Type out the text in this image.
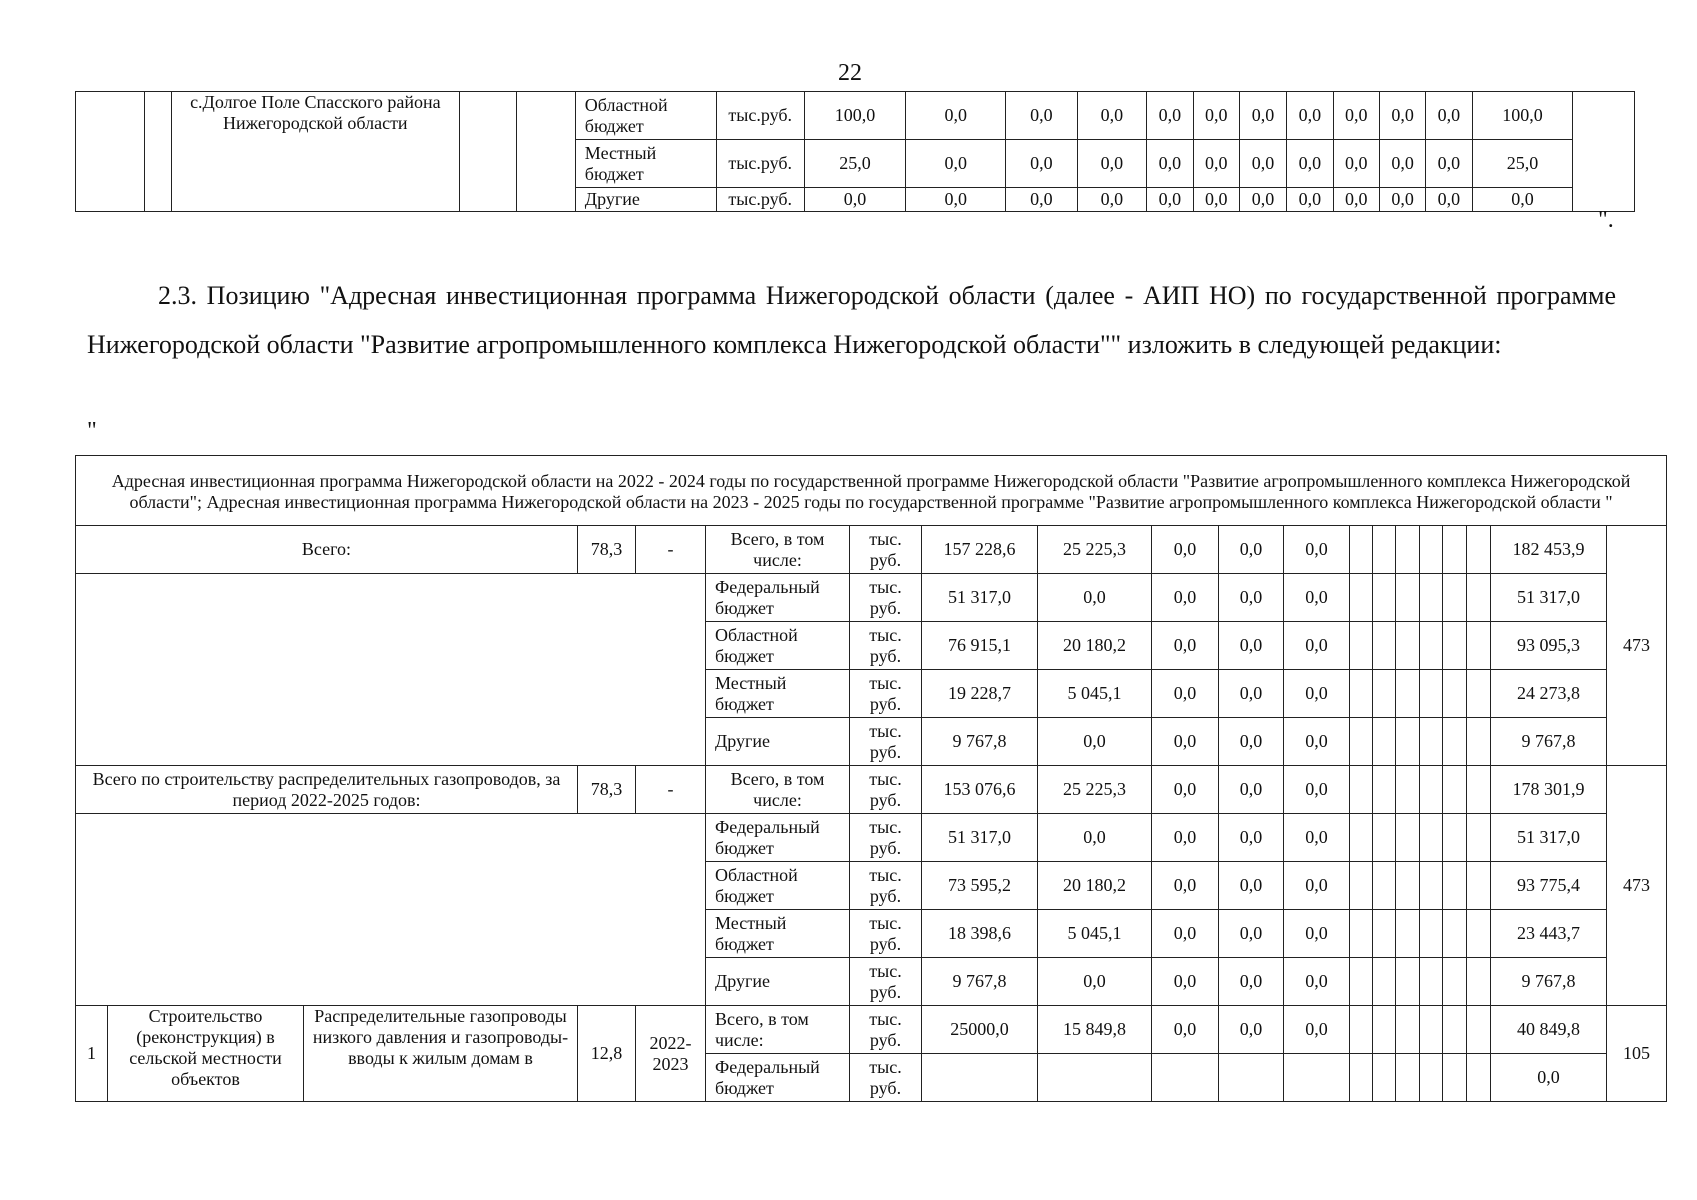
22
		с.Долгое Поле Спасского района Нижегородской области			Областной бюджет	тыс.руб.	100,0	0,0	0,0	0,0	0,0	0,0	0,0	0,0	0,0	0,0	0,0	100,0	
					Местный бюджет	тыс.руб.	25,0	0,0	0,0	0,0	0,0	0,0	0,0	0,0	0,0	0,0	0,0	25,0	
					Другие	тыс.руб.	0,0	0,0	0,0	0,0	0,0	0,0	0,0	0,0	0,0	0,0	0,0	0,0	
".
2.3. Позицию "Адресная инвестиционная программа Нижегородской области (далее - АИП НО) по государственной программе Нижегородской области "Развитие агропромышленного комплекса Нижегородской области"" изложить в следующей редакции:
"
Адресная инвестиционная программа Нижегородской области на 2022 - 2024 годы по государственной программе Нижегородской области "Развитие агропромышленного комплекса Нижегородской области"; Адресная инвестиционная программа Нижегородской области на 2023 - 2025 годы по государственной программе "Развитие агропромышленного комплекса Нижегородской области "																			
Всего:			78,3	-	Всего, в том числе:	тыс. руб.	157 228,6	25 225,3	0,0	0,0	0,0							182 453,9	473
					Федеральный бюджет	тыс. руб.	51 317,0	0,0	0,0	0,0	0,0							51 317,0	
					Областной бюджет	тыс. руб.	76 915,1	20 180,2	0,0	0,0	0,0							93 095,3	
					Местный бюджет	тыс. руб.	19 228,7	5 045,1	0,0	0,0	0,0							24 273,8	
					Другие	тыс. руб.	9 767,8	0,0	0,0	0,0	0,0							9 767,8	
Всего по строительству распределительных газопроводов, за период 2022-2025 годов:			78,3	-	Всего, в том числе:	тыс. руб.	153 076,6	25 225,3	0,0	0,0	0,0							178 301,9	473
					Федеральный бюджет	тыс. руб.	51 317,0	0,0	0,0	0,0	0,0							51 317,0	
					Областной бюджет	тыс. руб.	73 595,2	20 180,2	0,0	0,0	0,0							93 775,4	
					Местный бюджет	тыс. руб.	18 398,6	5 045,1	0,0	0,0	0,0							23 443,7	
					Другие	тыс. руб.	9 767,8	0,0	0,0	0,0	0,0							9 767,8	
1	Строительство (реконструкция) в сельской местности объектов	Распределительные газопроводы низкого давления и газопроводы-вводы к жилым домам в	12,8	2022-2023	Всего, в том числе:	тыс. руб.	25000,0	15 849,8	0,0	0,0	0,0							40 849,8	105
					Федеральный бюджет	тыс. руб.												0,0	
